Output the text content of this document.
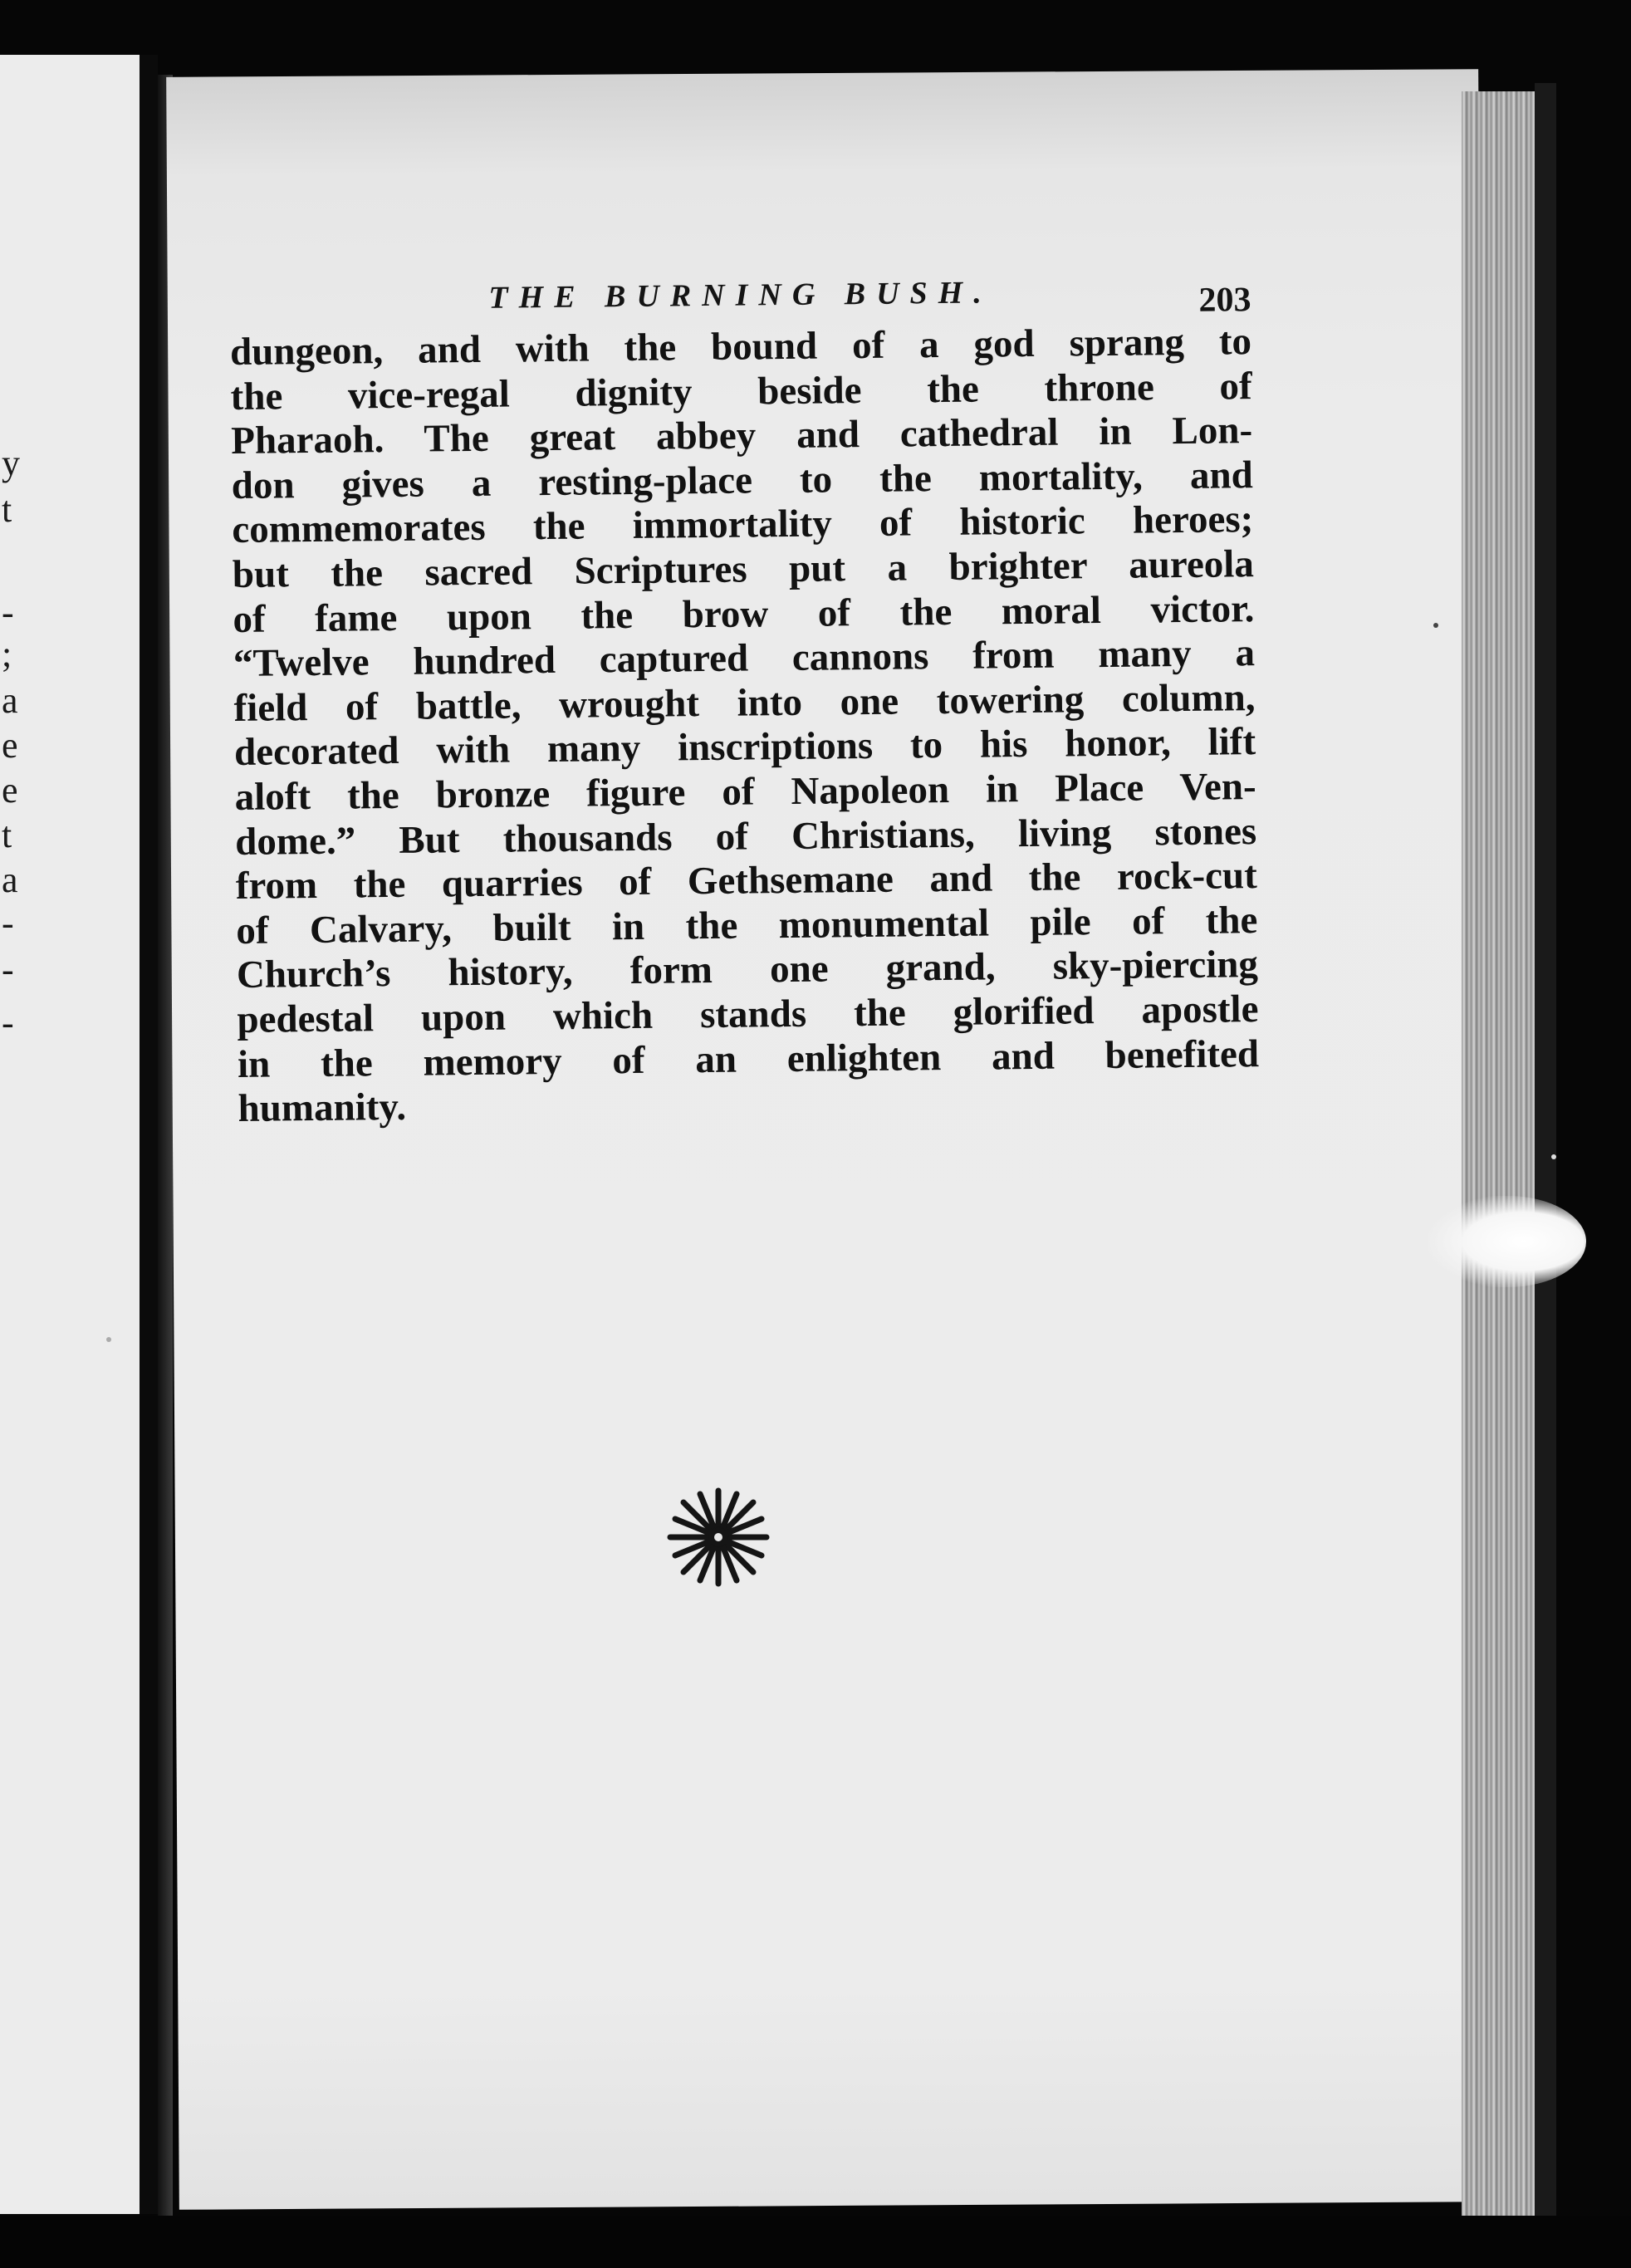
y
t
-
;
a
e
e
t
a
-
-
-
THE BURNING BUSH.	203
dungeon, and with the bound of a god sprang to
the vice-regal dignity beside the throne of
Pharaoh. The great abbey and cathedral in Lon-
don gives a resting-place to the mortality, and
commemorates the immortality of historic heroes;
but the sacred Scriptures put a brighter aureola
of fame upon the brow of the moral victor.
“Twelve hundred captured cannons from many a
field of battle, wrought into one towering column,
decorated with many inscriptions to his honor, lift
aloft the bronze figure of Napoleon in Place Ven-
dome.” But thousands of Christians, living stones
from the quarries of Gethsemane and the rock-cut
of Calvary, built in the monumental pile of the
Church’s history, form one grand, sky-piercing
pedestal upon which stands the glorified apostle
in the memory of an enlighten and benefited
humanity.
